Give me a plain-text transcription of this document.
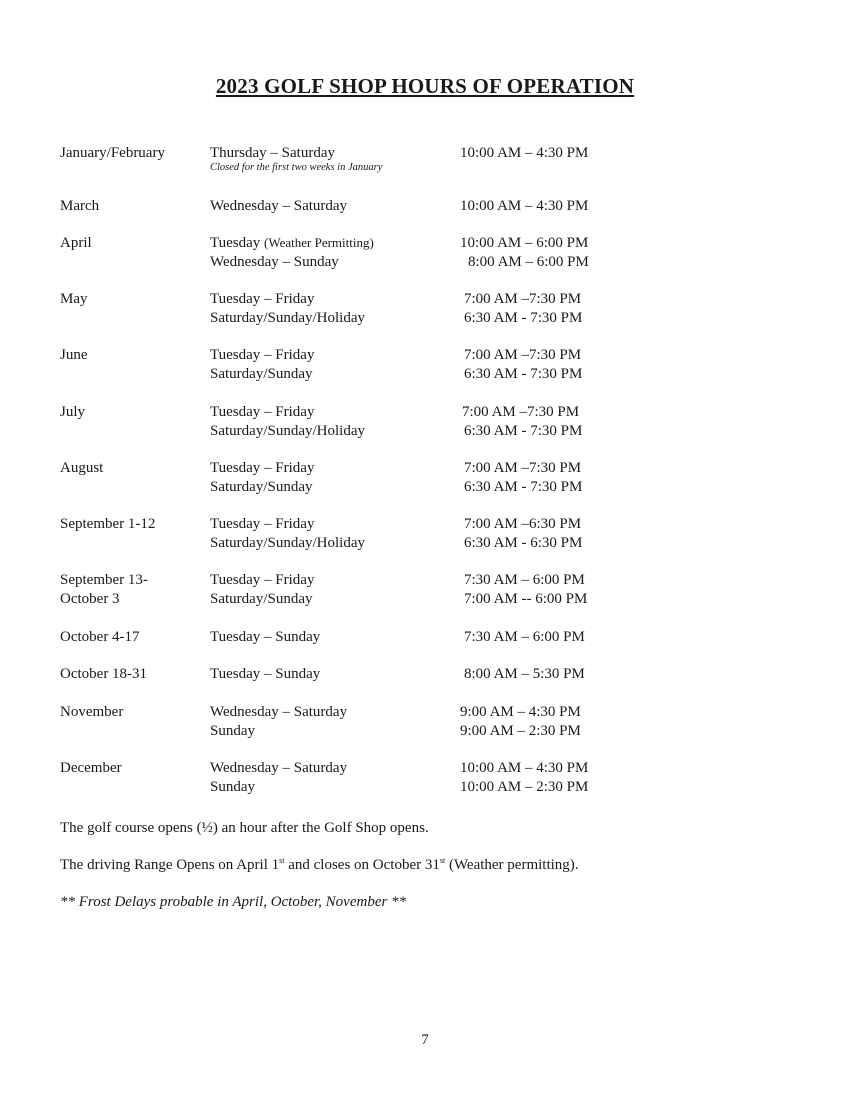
2023 GOLF SHOP HOURS OF OPERATION
January/February	Thursday – Saturday	10:00 AM – 4:30 PM
Closed for the first two weeks in January
March	Wednesday – Saturday	10:00 AM – 4:30 PM
April	Tuesday (Weather Permitting)	10:00 AM – 6:00 PM
Wednesday – Sunday	8:00 AM – 6:00 PM
May	Tuesday – Friday	7:00 AM –7:30 PM
Saturday/Sunday/Holiday	6:30 AM - 7:30 PM
June	Tuesday – Friday	7:00 AM –7:30 PM
Saturday/Sunday	6:30 AM - 7:30 PM
July	Tuesday – Friday	7:00 AM –7:30 PM
Saturday/Sunday/Holiday	6:30 AM - 7:30 PM
August	Tuesday – Friday	7:00 AM –7:30 PM
Saturday/Sunday	6:30 AM - 7:30 PM
September 1-12	Tuesday – Friday	7:00 AM –6:30 PM
Saturday/Sunday/Holiday	6:30 AM - 6:30 PM
September 13-	Tuesday – Friday	7:30 AM – 6:00 PM
October 3	Saturday/Sunday	7:00 AM -- 6:00 PM
October 4-17	Tuesday – Sunday	7:30 AM – 6:00 PM
October 18-31	Tuesday – Sunday	8:00 AM – 5:30 PM
November	Wednesday – Saturday	9:00 AM – 4:30 PM
Sunday	9:00 AM – 2:30 PM
December	Wednesday – Saturday	10:00 AM – 4:30 PM
Sunday	10:00 AM – 2:30 PM
The golf course opens (½) an hour after the Golf Shop opens.
The driving Range Opens on April 1st and closes on October 31st (Weather permitting).
** Frost Delays probable in April, October, November **
7
